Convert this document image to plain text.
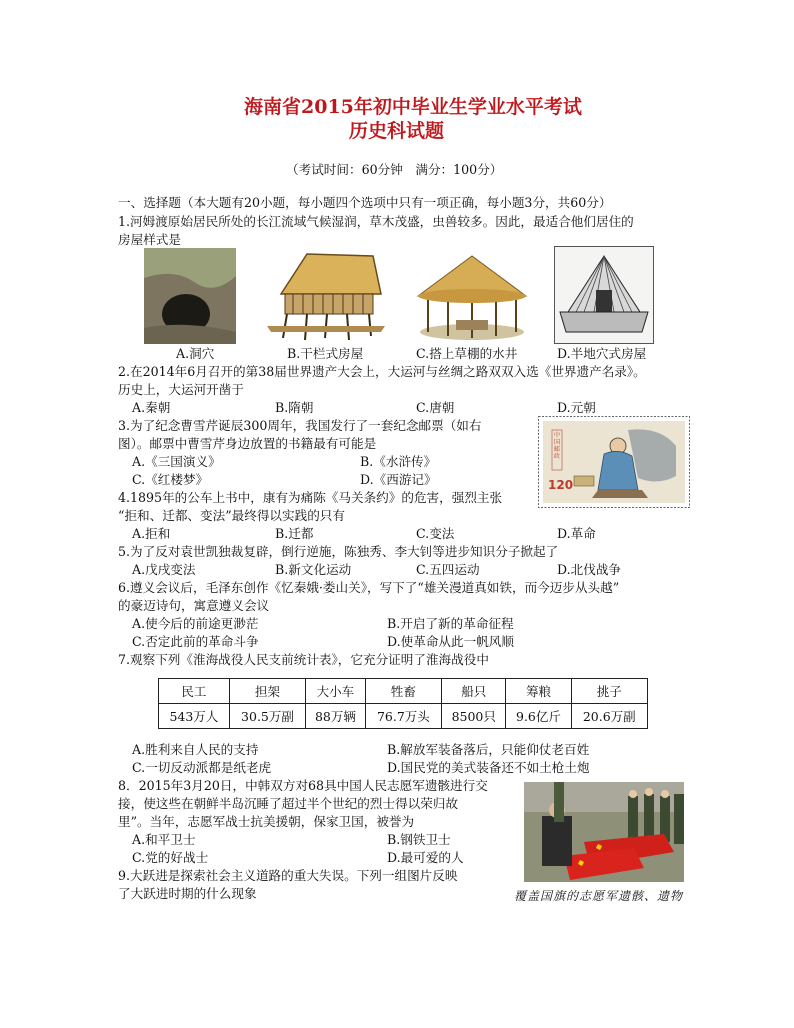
海南省2015年初中毕业生学业水平考试
历史科试题
（考试时间：60分钟　满分：100分）
一、选择题（本大题有20小题，每小题四个选项中只有一项正确，每小题3分，共60分）
1.河姆渡原始居民所处的长江流域气候湿润，草木茂盛，虫兽较多。因此，最适合他们居住的
房屋样式是
A.洞穴	B.干栏式房屋	C.搭上草棚的水井	D.半地穴式房屋
2.在2014年6月召开的第38届世界遗产大会上，大运河与丝绸之路双双入选《世界遗产名录》。
历史上，大运河开凿于
A.秦朝	B.隋朝	C.唐朝	D.元朝
3.为了纪念曹雪芹诞辰300周年，我国发行了一套纪念邮票（如右
图）。邮票中曹雪芹身边放置的书籍最有可能是
A.《三国演义》	B.《水浒传》
C.《红楼梦》	D.《西游记》	120
中国邮政
4.1895年的公车上书中，康有为痛陈《马关条约》的危害，强烈主张
“拒和、迁都、变法”最终得以实践的只有
A.拒和	B.迁都	C.变法	D.革命
5.为了反对袁世凯独裁复辟，倒行逆施，陈独秀、李大钊等进步知识分子掀起了
A.戊戌变法	B.新文化运动	C.五四运动	D.北伐战争
6.遵义会议后，毛泽东创作《忆秦娥·娄山关》，写下了“雄关漫道真如铁，而今迈步从头越”
的豪迈诗句，寓意遵义会议
A.使今后的前途更渺茫	B.开启了新的革命征程
C.否定此前的革命斗争	D.使革命从此一帆风顺
7.观察下列《淮海战役人民支前统计表》，它充分证明了淮海战役中
民工	担架	大小车	牲畜	船只	筹粮	挑子
543万人	30.5万副	88万辆	76.7万头	8500只	9.6亿斤	20.6万副
A.胜利来自人民的支持	B.解放军装备落后，只能仰仗老百姓
C.一切反动派都是纸老虎	D.国民党的美式装备还不如土枪土炮
8．2015年3月20日，中韩双方对68具中国人民志愿军遗骸进行交
接，使这些在朝鲜半岛沉睡了超过半个世纪的烈士得以荣归故
里”。当年，志愿军战士抗美援朝，保家卫国，被誉为
A.和平卫士	B.钢铁卫士
C.党的好战士	D.最可爱的人
覆盖国旗的志愿军遗骸、遗物
9.大跃进是探索社会主义道路的重大失误。下列一组图片反映
了大跃进时期的什么现象
